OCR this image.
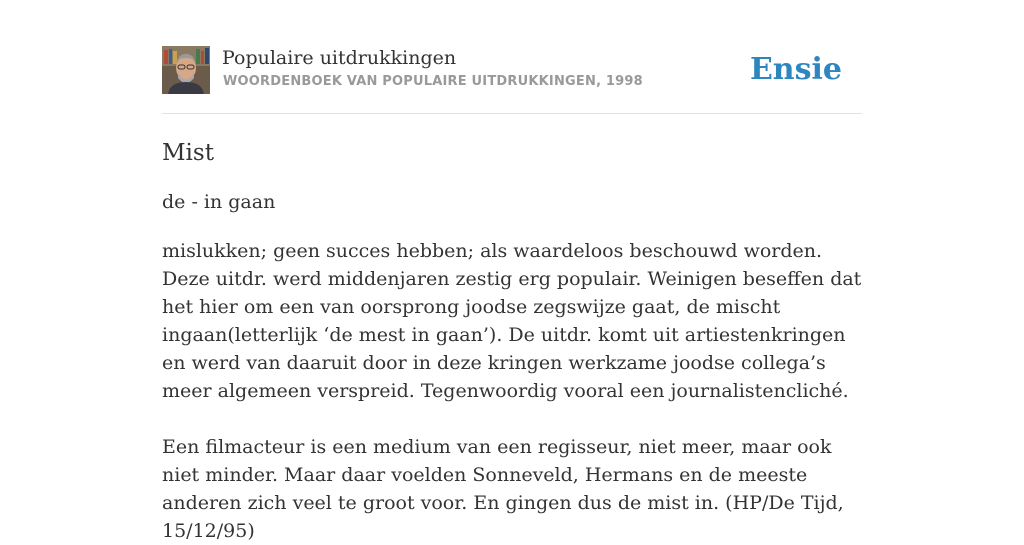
Populaire uitdrukkingen
WOORDENBOEK VAN POPULAIRE UITDRUKKINGEN, 1998	Ensie
Mist
de - in gaan
mislukken; geen succes hebben; als waardeloos beschouwd worden. Deze uitdr. werd middenjaren zestig erg populair. Weinigen beseffen dat het hier om een van oorsprong joodse zegswijze gaat, de mischt ingaan(letterlijk ‘de mest in gaan’). De uitdr. komt uit artiestenkringen en werd van daaruit door in deze kringen werkzame joodse collega’s meer algemeen verspreid. Tegenwoordig vooral een journalistencliché.

Een filmacteur is een medium van een regisseur, niet meer, maar ook niet minder. Maar daar voelden Sonneveld, Hermans en de meeste anderen zich veel te groot voor. En gingen dus de mist in. (HP/De Tijd, 15/12/95)
